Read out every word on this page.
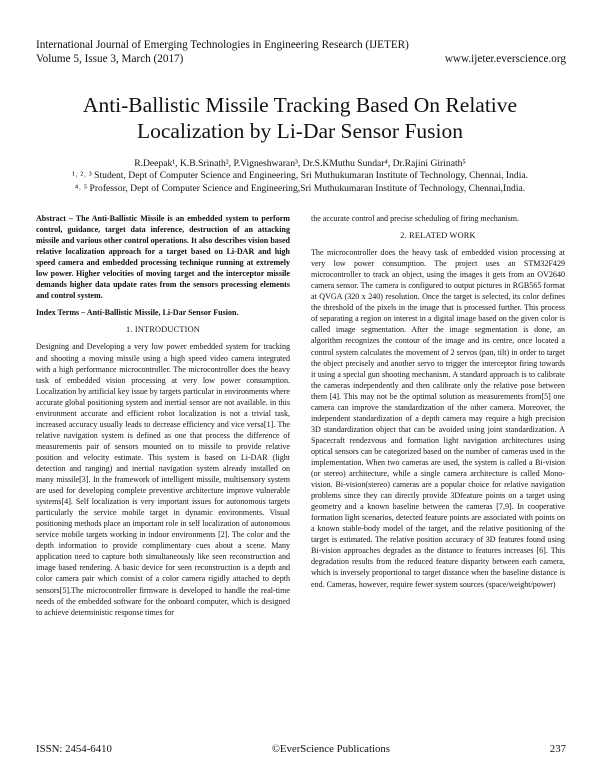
International Journal of Emerging Technologies in Engineering Research (IJETER)
Volume 5, Issue 3, March (2017)	www.ijeter.everscience.org
Anti-Ballistic Missile Tracking Based On Relative Localization by Li-Dar Sensor Fusion
R.Deepak¹, K.B.Srinath², P.Vigneshwaran³, Dr.S.KMuthu Sundar⁴, Dr.Rajini Girinath⁵
¹˒ ²˒ ³ Student, Dept of Computer Science and Engineering, Sri Muthukumaran Institute of Technology, Chennai, India.
⁴˒ ⁵ Professor, Dept of Computer Science and Engineering,Sri Muthukumaran Institute of Technology, Chennai,India.

Abstract – The Anti-Ballistic Missile is an embedded system to perform control, guidance, target data inference, destruction of an attacking missile and various other control operations. It also describes vision based relative localization approach for a target based on Li-DAR and high speed camera and embedded processing technique running at extremely low power. Higher velocities of moving target and the interceptor missile demands higher data update rates from the sensors processing elements and control system.

Index Terms – Anti-Ballistic Missile, Li-Dar Sensor Fusion.

1. INTRODUCTION

Designing and Developing a very low power embedded system for tracking and shooting a moving missile using a high speed video camera integrated with a high performance microcontroller. The microcontroller does the heavy task of embedded vision processing at very low power consumption. Localization by artificial key issue by targets particular in environments where accurate global positioning system and inertial sensor are not available. in this environment accurate and efficient robot localization is not a trivial task, increased accuracy usually leads to decrease efficiency and vice versa[1]. The relative navigation system is defined as one that process the difference of measurements pair of sensors mounted on to missile to provide relative position and velocity estimate. This system is based on Li-DAR (light detection and ranging) and inertial navigation system already installed on many missile[3]. In the framework of intelligent missile, multisensory system are used for developing complete preventive architecture improve vulnerable systems[4]. Self localization is very important issues for autonomous targets particularly the service mobile target in dynamic environments. Visual positioning methods place an important role in self localization of autonomous service mobile targets working in indoor environments [2]. The color and the depth information to provide complimentary cues about a scene. Many application need to capture both simultaneously like seen reconstruction and image based rendering. A basic device for seen reconstruction is a depth and color camera pair which consist of a color camera rigidly attached to depth sensors[5].The microcontroller firmware is developed to handle the real-time needs of the embedded software for the onboard computer, which is designed to achieve deterministic response times for

the accurate control and precise scheduling of firing mechanism.

2. RELATED WORK

The microcontroller does the heavy task of embedded vision processing at very low power consumption. The project uses an STM32F429 microcontroller to track an object, using the images it gets from an OV2640 camera sensor. The camera is configured to output pictures in RGB565 format at QVGA (320 x 240) resolution. Once the target is selected, its color defines the threshold of the pixels in the image that is processed further. This process of separating a region on interest in a digital image based on the given color is called image segmentation. After the image segmentation is done, an algorithm recognizes the contour of the image and its centre, once located a control system calculates the movement of 2 servos (pan, tilt) in order to target the object precisely and another servo to trigger the interceptor firing towards it using a special gun shooting mechanism. A standard approach is to calibrate the cameras independently and then calibrate only the relative pose between them [4]. This may not be the optimal solution as measurements from[5] one camera can improve the standardization of the other camera. Moreover, the independent standardization of a depth camera may require a high precision 3D standardization object that can be avoided using joint standardization. A Spacecraft rendezvous and formation light navigation architectures using optical sensors can be categorized based on the number of cameras used in the implementation. When two cameras are used, the system is called a Bi-vision (or stereo) architecture, while a single camera architecture is called Mono-vision. Bi-vision(stereo) cameras are a popular choice for relative navigation problems since they can directly provide 3Dfeature points on a target using geometry and a known baseline between the cameras [7,9]. In cooperative formation light scenarios, detected feature points are associated with points on a known stable-body model of the target, and the relative positioning of the target is estimated. The relative position accuracy of 3D features found using Bi-vision approaches degrades as the distance to features increases [6]. This degradation results from the reduced feature disparity between each camera, which is inversely proportional to target distance when the baseline distance is end. Cameras, however, require fewer system sources (space/weight/power)

ISSN: 2454-6410	©EverScience Publications	237
